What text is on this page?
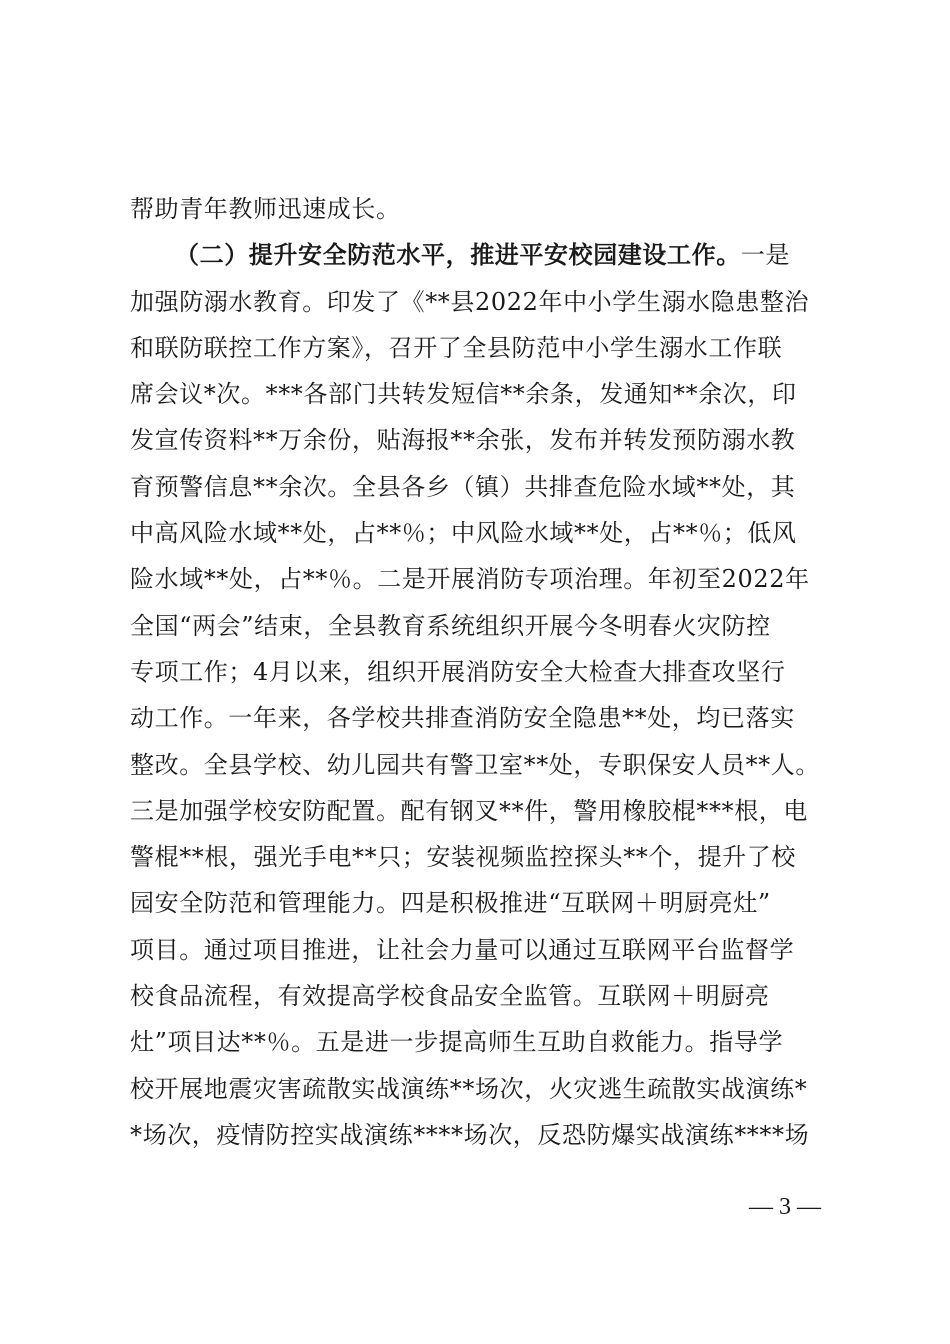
帮助青年教师迅速成长。
（二）提升安全防范水平，推进平安校园建设工作。一是
加强防溺水教育。印发了《**县2022年中小学生溺水隐患整治
和联防联控工作方案》，召开了全县防范中小学生溺水工作联
席会议*次。***各部门共转发短信**余条，发通知**余次，印
发宣传资料**万余份，贴海报**余张，发布并转发预防溺水教
育预警信息**余次。全县各乡（镇）共排查危险水域**处，其
中高风险水域**处，占**％；中风险水域**处，占**％；低风
险水域**处，占**％。二是开展消防专项治理。年初至2022年
全国“两会”结束，全县教育系统组织开展今冬明春火灾防控
专项工作；4月以来，组织开展消防安全大检查大排查攻坚行
动工作。一年来，各学校共排查消防安全隐患**处，均已落实
整改。全县学校、幼儿园共有警卫室**处，专职保安人员**人。
三是加强学校安防配置。配有钢叉**件，警用橡胶棍***根，电
警棍**根，强光手电**只；安装视频监控探头**个，提升了校
园安全防范和管理能力。四是积极推进“互联网＋明厨亮灶”
项目。通过项目推进，让社会力量可以通过互联网平台监督学
校食品流程，有效提高学校食品安全监管。互联网＋明厨亮
灶”项目达**％。五是进一步提高师生互助自救能力。指导学
校开展地震灾害疏散实战演练**场次，火灾逃生疏散实战演练*
*场次，疫情防控实战演练****场次，反恐防爆实战演练****场
— 3 —
